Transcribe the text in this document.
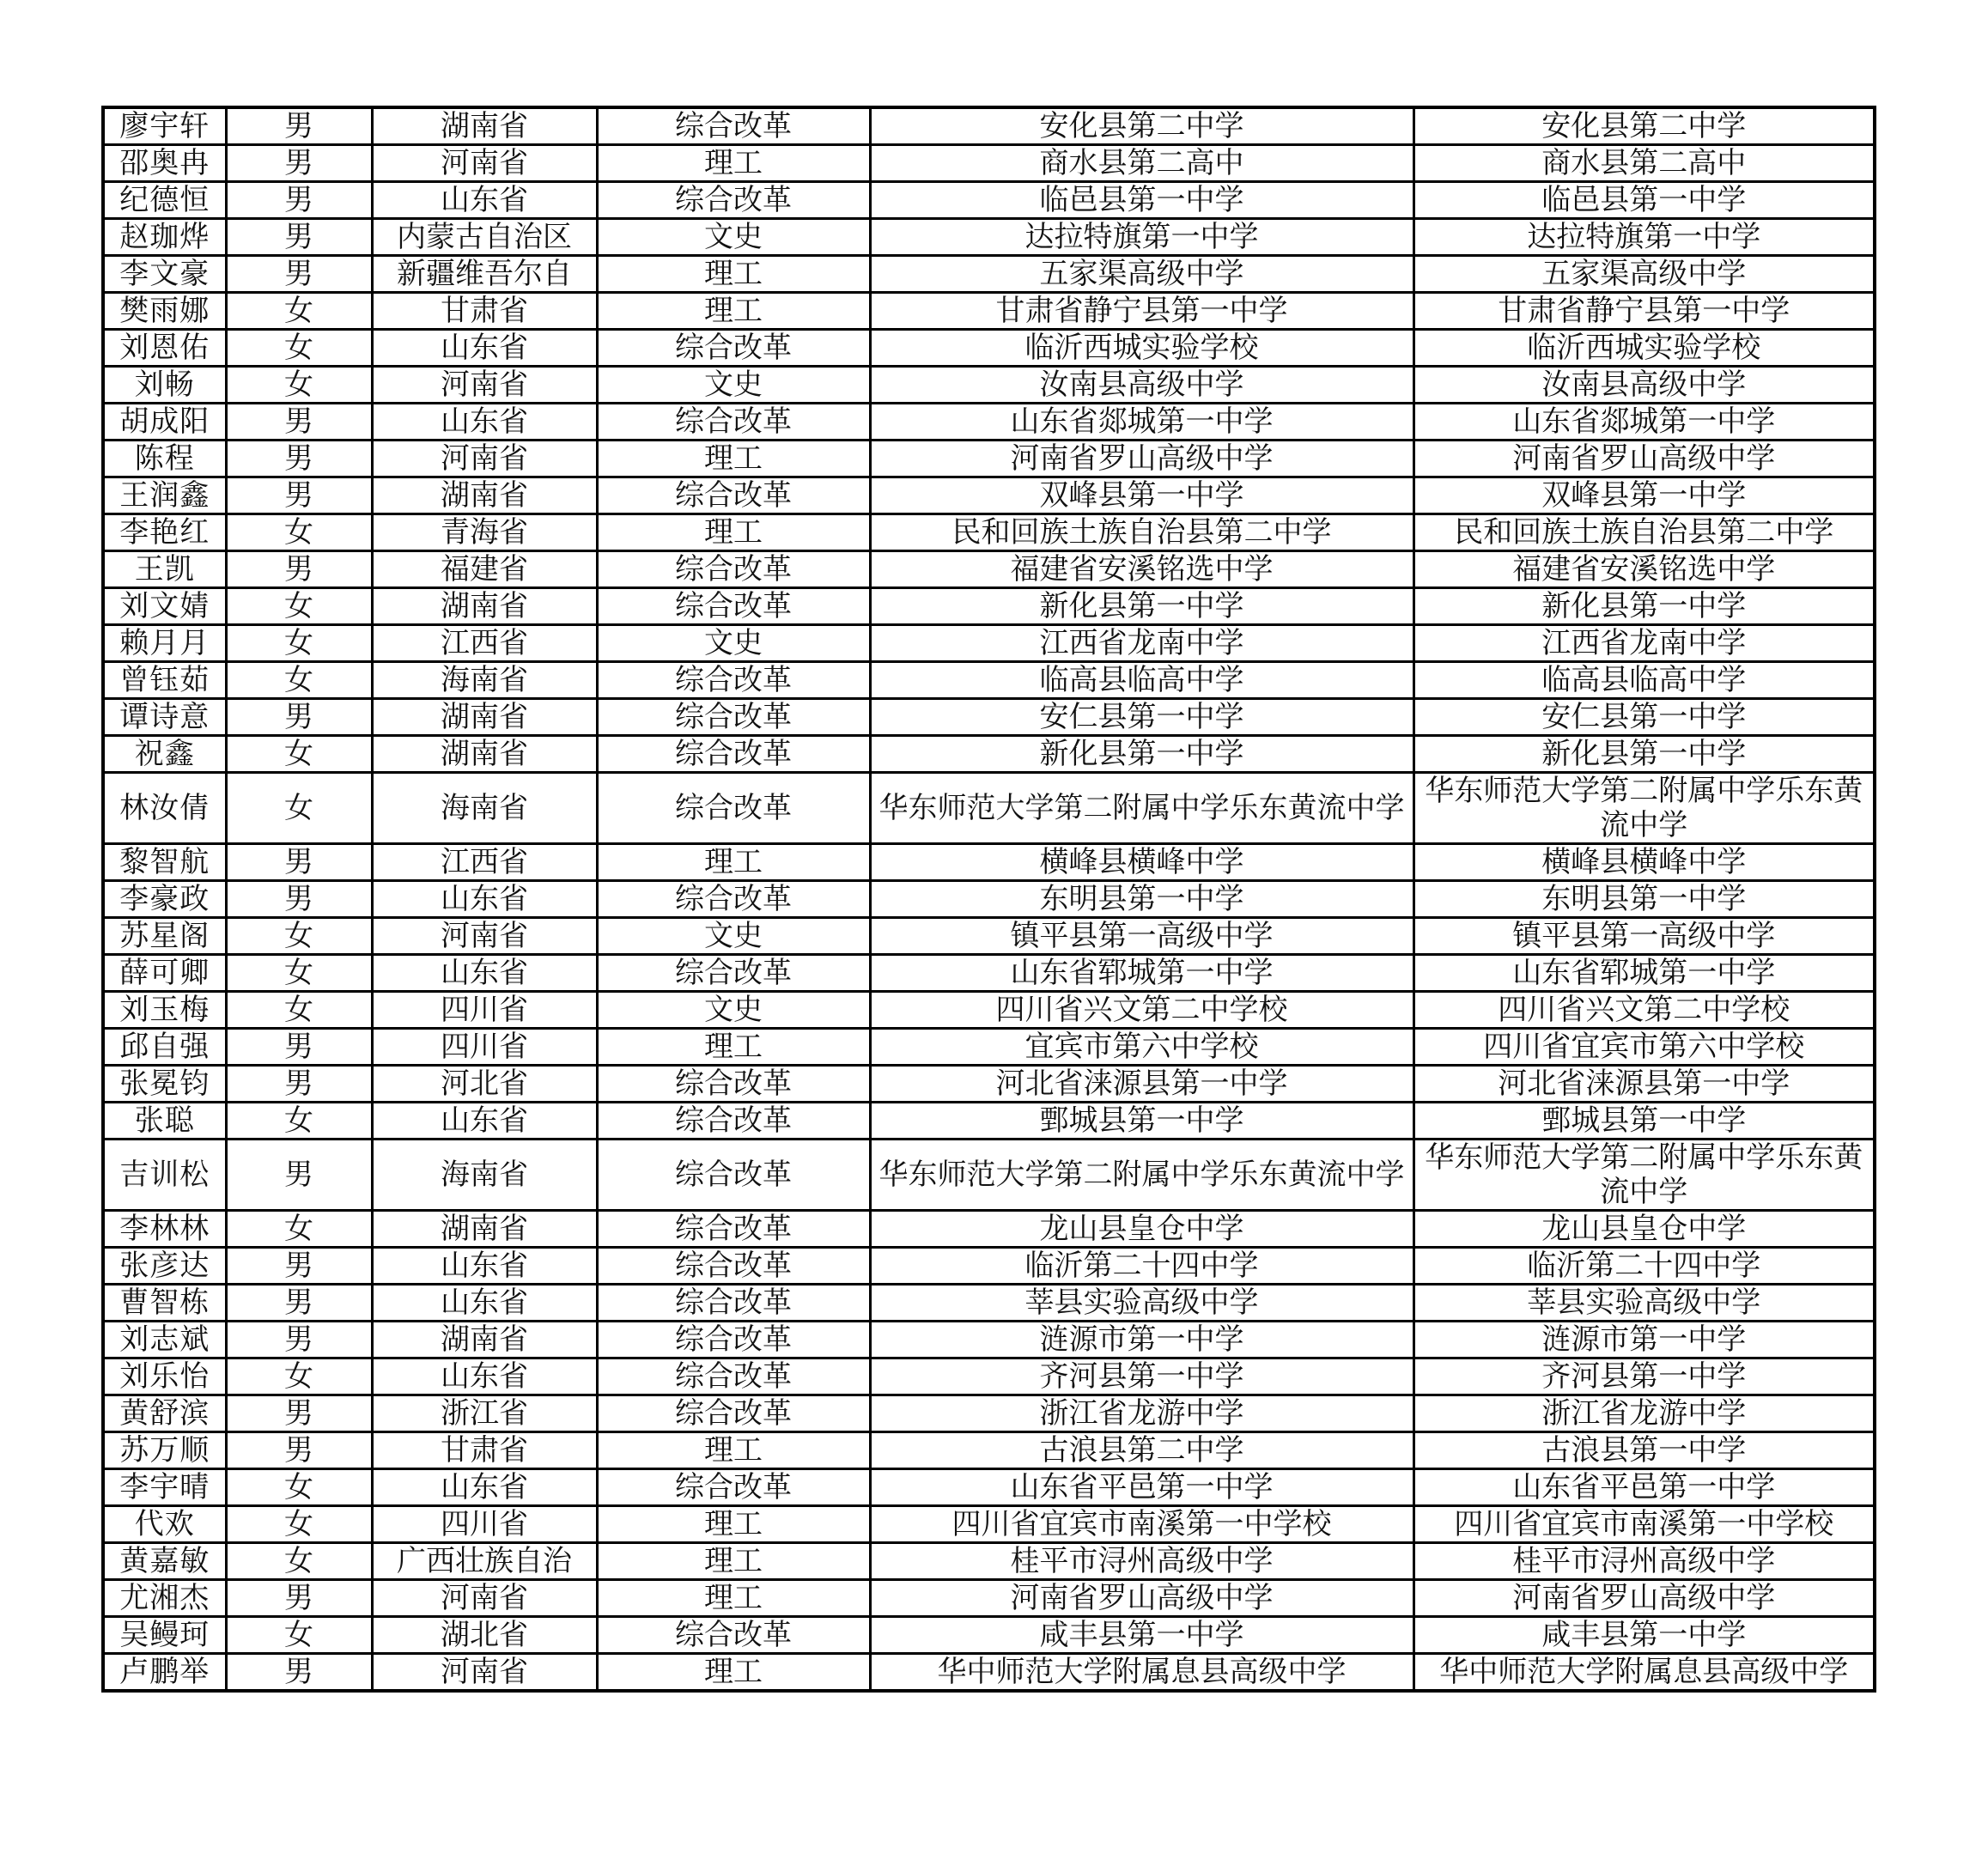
廖宇轩	男	湖南省	综合改革	安化县第二中学	安化县第二中学
邵奥冉	男	河南省	理工	商水县第二高中	商水县第二高中
纪德恒	男	山东省	综合改革	临邑县第一中学	临邑县第一中学
赵珈烨	男	内蒙古自治区	文史	达拉特旗第一中学	达拉特旗第一中学
李文豪	男	新疆维吾尔自	理工	五家渠高级中学	五家渠高级中学
樊雨娜	女	甘肃省	理工	甘肃省静宁县第一中学	甘肃省静宁县第一中学
刘恩佑	女	山东省	综合改革	临沂西城实验学校	临沂西城实验学校
刘畅	女	河南省	文史	汝南县高级中学	汝南县高级中学
胡成阳	男	山东省	综合改革	山东省郯城第一中学	山东省郯城第一中学
陈程	男	河南省	理工	河南省罗山高级中学	河南省罗山高级中学
王润鑫	男	湖南省	综合改革	双峰县第一中学	双峰县第一中学
李艳红	女	青海省	理工	民和回族土族自治县第二中学	民和回族土族自治县第二中学
王凯	男	福建省	综合改革	福建省安溪铭选中学	福建省安溪铭选中学
刘文婧	女	湖南省	综合改革	新化县第一中学	新化县第一中学
赖月月	女	江西省	文史	江西省龙南中学	江西省龙南中学
曾钰茹	女	海南省	综合改革	临高县临高中学	临高县临高中学
谭诗意	男	湖南省	综合改革	安仁县第一中学	安仁县第一中学
祝鑫	女	湖南省	综合改革	新化县第一中学	新化县第一中学
林汝倩	女	海南省	综合改革	华东师范大学第二附属中学乐东黄流中学	华东师范大学第二附属中学乐东黄流中学
黎智航	男	江西省	理工	横峰县横峰中学	横峰县横峰中学
李豪政	男	山东省	综合改革	东明县第一中学	东明县第一中学
苏星阁	女	河南省	文史	镇平县第一高级中学	镇平县第一高级中学
薛可卿	女	山东省	综合改革	山东省郓城第一中学	山东省郓城第一中学
刘玉梅	女	四川省	文史	四川省兴文第二中学校	四川省兴文第二中学校
邱自强	男	四川省	理工	宜宾市第六中学校	四川省宜宾市第六中学校
张冕钧	男	河北省	综合改革	河北省涞源县第一中学	河北省涞源县第一中学
张聪	女	山东省	综合改革	鄄城县第一中学	鄄城县第一中学
吉训松	男	海南省	综合改革	华东师范大学第二附属中学乐东黄流中学	华东师范大学第二附属中学乐东黄流中学
李林林	女	湖南省	综合改革	龙山县皇仓中学	龙山县皇仓中学
张彦达	男	山东省	综合改革	临沂第二十四中学	临沂第二十四中学
曹智栋	男	山东省	综合改革	莘县实验高级中学	莘县实验高级中学
刘志斌	男	湖南省	综合改革	涟源市第一中学	涟源市第一中学
刘乐怡	女	山东省	综合改革	齐河县第一中学	齐河县第一中学
黄舒滨	男	浙江省	综合改革	浙江省龙游中学	浙江省龙游中学
苏万顺	男	甘肃省	理工	古浪县第二中学	古浪县第一中学
李宇晴	女	山东省	综合改革	山东省平邑第一中学	山东省平邑第一中学
代欢	女	四川省	理工	四川省宜宾市南溪第一中学校	四川省宜宾市南溪第一中学校
黄嘉敏	女	广西壮族自治	理工	桂平市浔州高级中学	桂平市浔州高级中学
尤湘杰	男	河南省	理工	河南省罗山高级中学	河南省罗山高级中学
吴鳗珂	女	湖北省	综合改革	咸丰县第一中学	咸丰县第一中学
卢鹏举	男	河南省	理工	华中师范大学附属息县高级中学	华中师范大学附属息县高级中学
